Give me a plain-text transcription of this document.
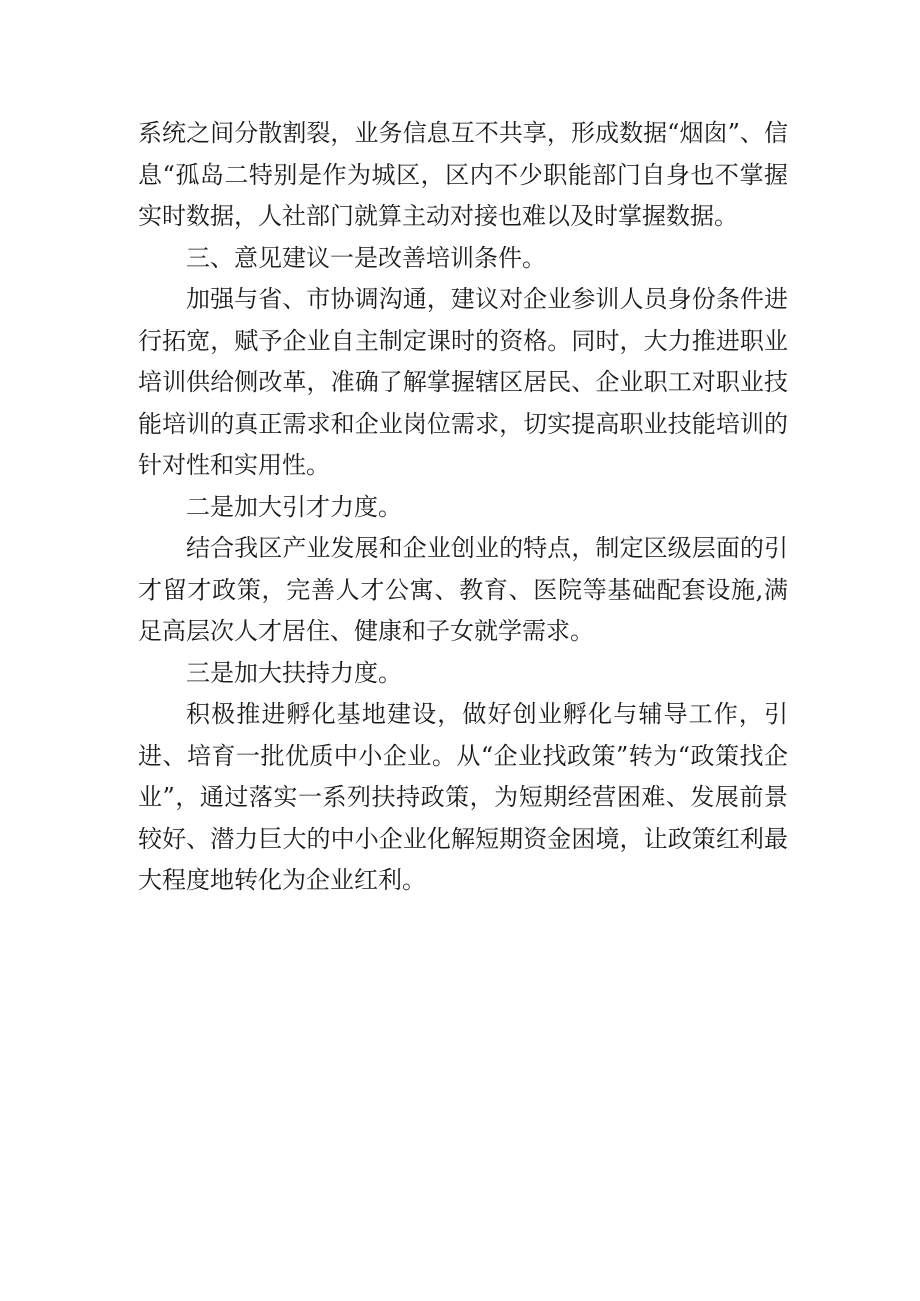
系统之间分散割裂，业务信息互不共享，形成数据“烟囱”、信息“孤岛二特别是作为城区，区内不少职能部门自身也不掌握实时数据，人社部门就算主动对接也难以及时掌握数据。

三、意见建议一是改善培训条件。

加强与省、市协调沟通，建议对企业参训人员身份条件进行拓宽，赋予企业自主制定课时的资格。同时，大力推进职业培训供给侧改革，准确了解掌握辖区居民、企业职工对职业技能培训的真正需求和企业岗位需求，切实提高职业技能培训的针对性和实用性。

二是加大引才力度。

结合我区产业发展和企业创业的特点，制定区级层面的引才留才政策，完善人才公寓、教育、医院等基础配套设施,满足高层次人才居住、健康和子女就学需求。

三是加大扶持力度。

积极推进孵化基地建设，做好创业孵化与辅导工作，引进、培育一批优质中小企业。从“企业找政策”转为“政策找企业”，通过落实一系列扶持政策，为短期经营困难、发展前景较好、潜力巨大的中小企业化解短期资金困境，让政策红利最大程度地转化为企业红利。
